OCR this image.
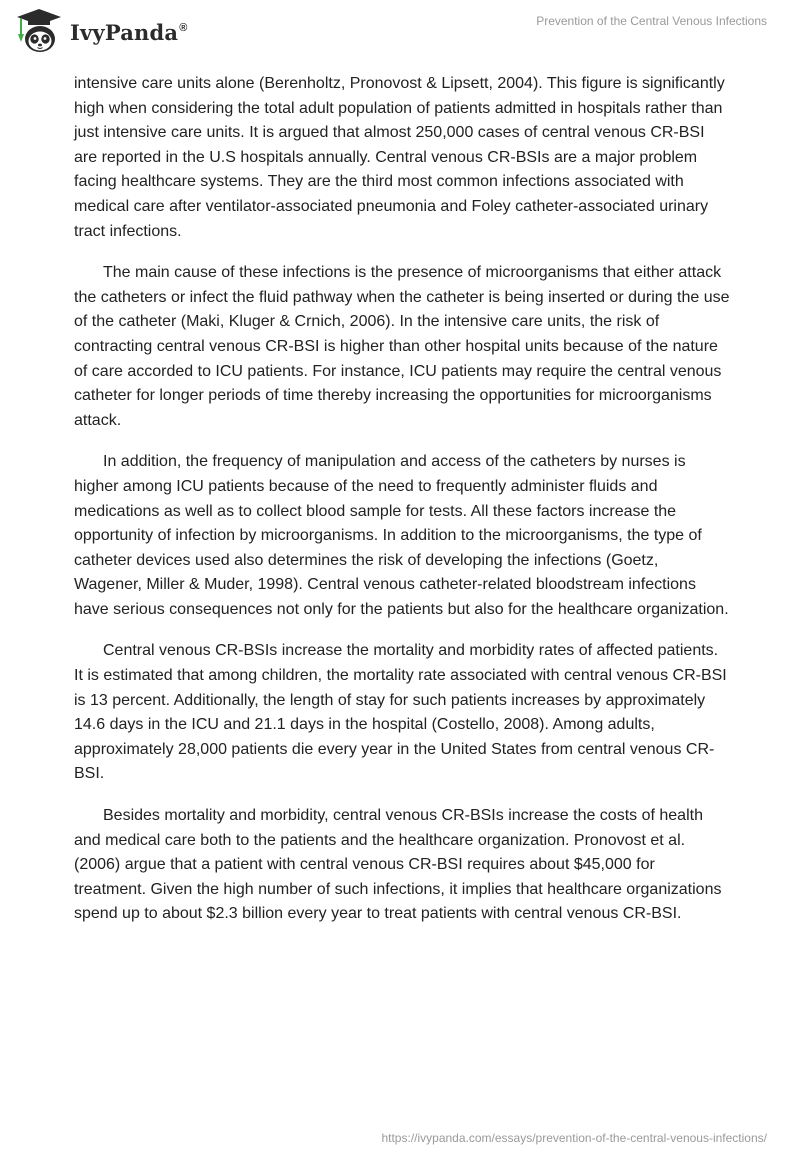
IvyPanda®	Prevention of the Central Venous Infections

intensive care units alone (Berenholtz, Pronovost & Lipsett, 2004). This figure is significantly high when considering the total adult population of patients admitted in hospitals rather than just intensive care units. It is argued that almost 250,000 cases of central venous CR-BSI are reported in the U.S hospitals annually. Central venous CR-BSIs are a major problem facing healthcare systems. They are the third most common infections associated with medical care after ventilator-associated pneumonia and Foley catheter-associated urinary tract infections.

The main cause of these infections is the presence of microorganisms that either attack the catheters or infect the fluid pathway when the catheter is being inserted or during the use of the catheter (Maki, Kluger & Crnich, 2006). In the intensive care units, the risk of contracting central venous CR-BSI is higher than other hospital units because of the nature of care accorded to ICU patients. For instance, ICU patients may require the central venous catheter for longer periods of time thereby increasing the opportunities for microorganisms attack.

In addition, the frequency of manipulation and access of the catheters by nurses is higher among ICU patients because of the need to frequently administer fluids and medications as well as to collect blood sample for tests. All these factors increase the opportunity of infection by microorganisms. In addition to the microorganisms, the type of catheter devices used also determines the risk of developing the infections (Goetz, Wagener, Miller & Muder, 1998). Central venous catheter-related bloodstream infections have serious consequences not only for the patients but also for the healthcare organization.

Central venous CR-BSIs increase the mortality and morbidity rates of affected patients. It is estimated that among children, the mortality rate associated with central venous CR-BSI is 13 percent. Additionally, the length of stay for such patients increases by approximately 14.6 days in the ICU and 21.1 days in the hospital (Costello, 2008). Among adults, approximately 28,000 patients die every year in the United States from central venous CR-BSI.

Besides mortality and morbidity, central venous CR-BSIs increase the costs of health and medical care both to the patients and the healthcare organization. Pronovost et al. (2006) argue that a patient with central venous CR-BSI requires about $45,000 for treatment. Given the high number of such infections, it implies that healthcare organizations spend up to about $2.3 billion every year to treat patients with central venous CR-BSI.

https://ivypanda.com/essays/prevention-of-the-central-venous-infections/
